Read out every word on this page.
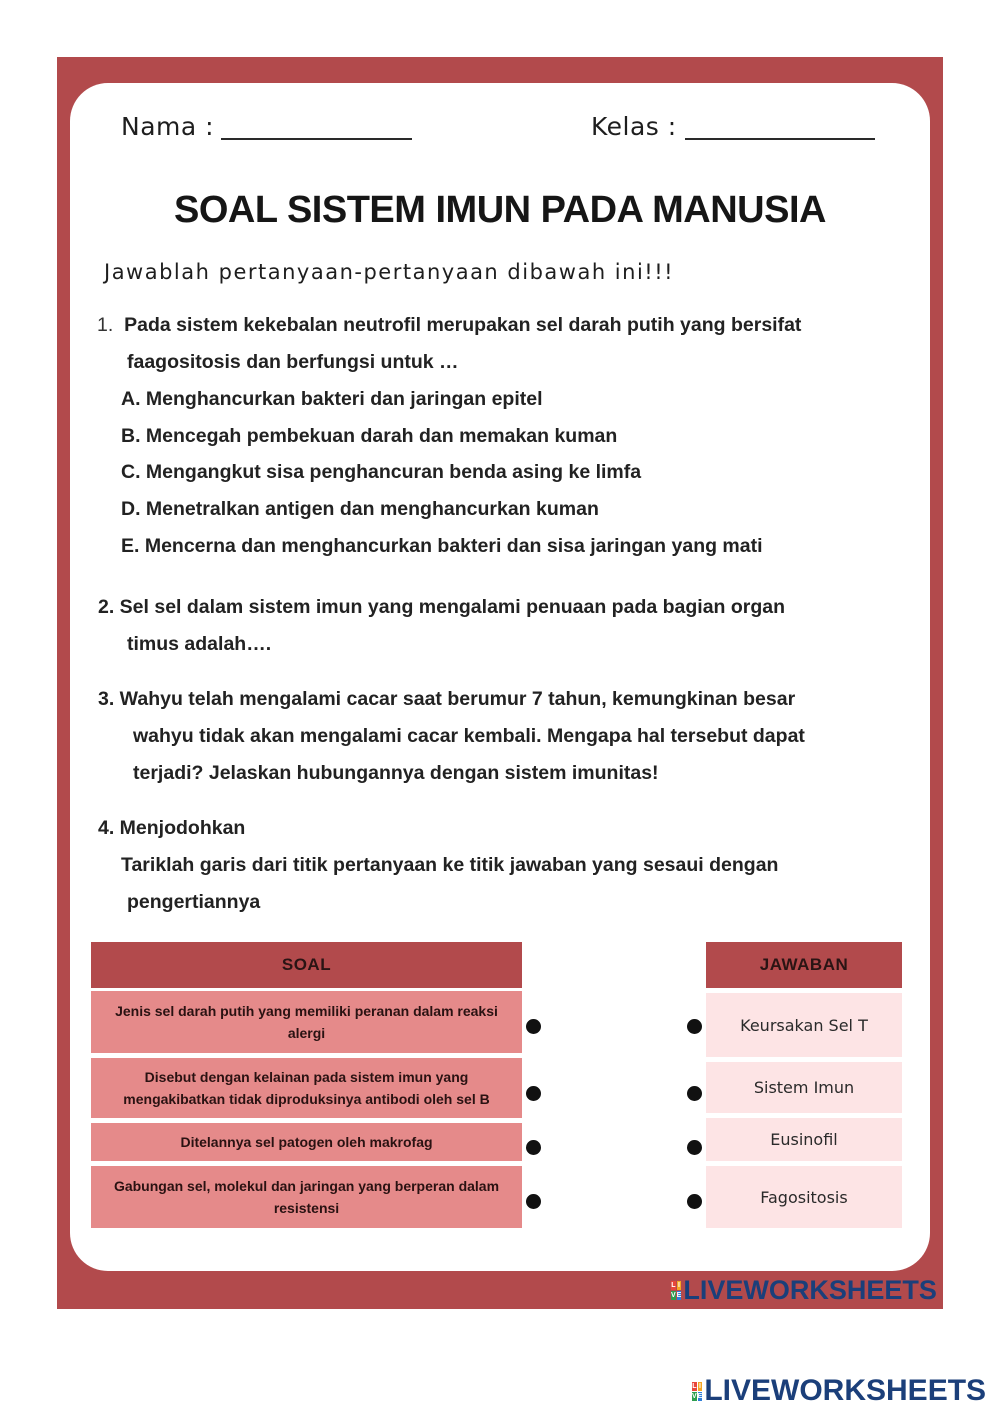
Nama :	Kelas :
SOAL SISTEM IMUN PADA MANUSIA
Jawablah pertanyaan-pertanyaan dibawah ini!!!
1. Pada sistem kekebalan neutrofil merupakan sel darah putih yang bersifat
faagositosis dan berfungsi untuk …
A. Menghancurkan bakteri dan jaringan epitel
B. Mencegah pembekuan darah dan memakan kuman
C. Mengangkut sisa penghancuran benda asing ke limfa
D. Menetralkan antigen dan menghancurkan kuman
E. Mencerna dan menghancurkan bakteri dan sisa jaringan yang mati
2. Sel sel dalam sistem imun yang mengalami penuaan pada bagian organ
timus adalah….
3. Wahyu telah mengalami cacar saat berumur 7 tahun, kemungkinan besar
wahyu tidak akan mengalami cacar kembali. Mengapa hal tersebut dapat
terjadi? Jelaskan hubungannya dengan sistem imunitas!
4. Menjodohkan
Tariklah garis dari titik pertanyaan ke titik jawaban yang sesaui dengan
pengertiannya
SOAL	JAWABAN
Jenis sel darah putih yang memiliki peranan dalam reaksi alergi
Disebut dengan kelainan pada sistem imun yang mengakibatkan tidak diproduksinya antibodi oleh sel B
Ditelannya sel patogen oleh makrofag
Gabungan sel, molekul dan jaringan yang berperan dalam resistensi
Keursakan Sel T
Sistem Imun
Eusinofil
Fagositosis
L I
V E LIVEWORKSHEETS
L I
V E LIVEWORKSHEETS
